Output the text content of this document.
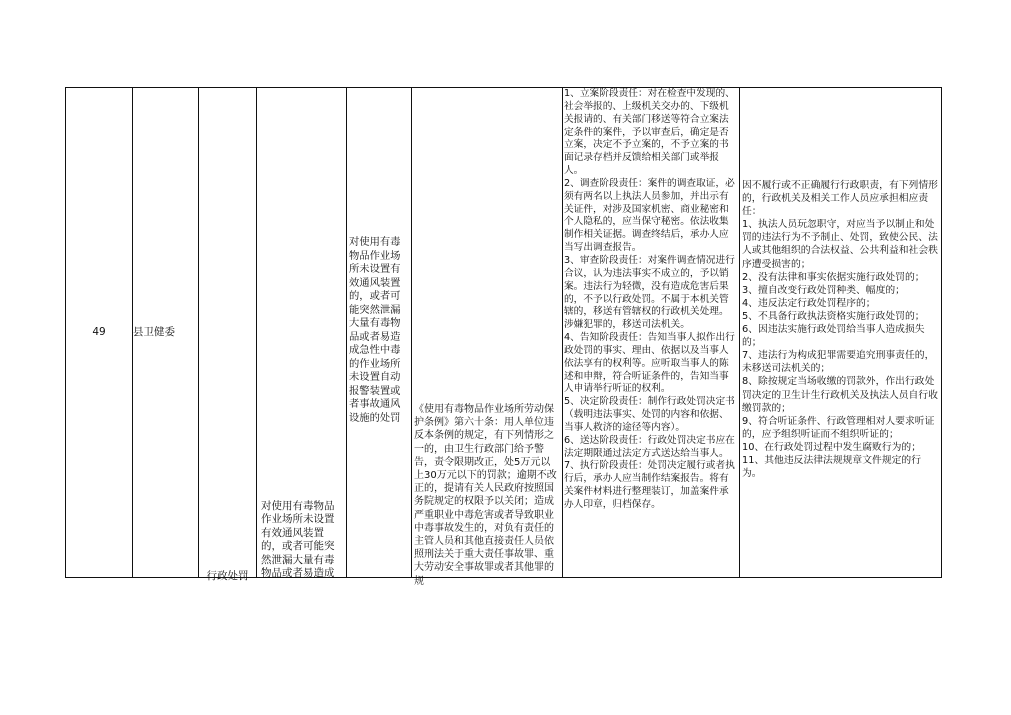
49	县卫健委

行政处罚

对使用有毒物品作业场所未设置有效通风装置的，或者可能突然泄漏大量有毒物品或者易造成

对使用有毒物品作业场所未设置有效通风装置的，或者可能突然泄漏大量有毒物品或者易造成急性中毒的作业场所未设置自动报警装置或者事故通风设施的处罚

《使用有毒物品作业场所劳动保护条例》第六十条：用人单位违反本条例的规定，有下列情形之一的，由卫生行政部门给予警告，责令限期改正，处5万元以上30万元以下的罚款；逾期不改正的，提请有关人民政府按照国务院规定的权限予以关闭；造成严重职业中毒危害或者导致职业中毒事故发生的，对负有责任的主管人员和其他直接责任人员依照刑法关于重大责任事故罪、重大劳动安全事故罪或者其他罪的规

1、立案阶段责任：对在检查中发现的、社会举报的、上级机关交办的、下级机关报请的、有关部门移送等符合立案法定条件的案件，予以审查后，确定是否立案，决定不予立案的，不予立案的书面记录存档并反馈给相关部门或举报人。
2、调查阶段责任：案件的调查取证，必须有两名以上执法人员参加，并出示有关证件，对涉及国家机密、商业秘密和个人隐私的，应当保守秘密。依法收集制作相关证据。调查终结后，承办人应当写出调查报告。
3、审查阶段责任：对案件调查情况进行合议，认为违法事实不成立的，予以销案。违法行为轻微，没有造成危害后果的，不予以行政处罚。不属于本机关管辖的，移送有管辖权的行政机关处理。涉嫌犯罪的，移送司法机关。
4、告知阶段责任：告知当事人拟作出行政处罚的事实、理由、依据以及当事人依法享有的权利等。应听取当事人的陈述和申辩，符合听证条件的，告知当事人申请举行听证的权利。
5、决定阶段责任：制作行政处罚决定书（载明违法事实、处罚的内容和依据、当事人救济的途径等内容）。
6、送达阶段责任：行政处罚决定书应在法定期限通过法定方式送达给当事人。
7、执行阶段责任：处罚决定履行或者执行后，承办人应当制作结案报告。将有关案件材料进行整理装订，加盖案件承办人印章，归档保存。

因不履行或不正确履行行政职责，有下列情形的，行政机关及相关工作人员应承担相应责任：
1、执法人员玩忽职守，对应当予以制止和处罚的违法行为不予制止、处罚，致使公民、法人或其他组织的合法权益、公共利益和社会秩序遭受损害的；
2、没有法律和事实依据实施行政处罚的；
3、擅自改变行政处罚种类、幅度的；
4、违反法定行政处罚程序的；
5、不具备行政执法资格实施行政处罚的；
6、因违法实施行政处罚给当事人造成损失的；
7、违法行为构成犯罪需要追究刑事责任的，未移送司法机关的；
8、除按规定当场收缴的罚款外，作出行政处罚决定的卫生计生行政机关及执法人员自行收缴罚款的；
9、符合听证条件、行政管理相对人要求听证的，应予组织听证而不组织听证的；
10、在行政处罚过程中发生腐败行为的；
11、其他违反法律法规规章文件规定的行为。
